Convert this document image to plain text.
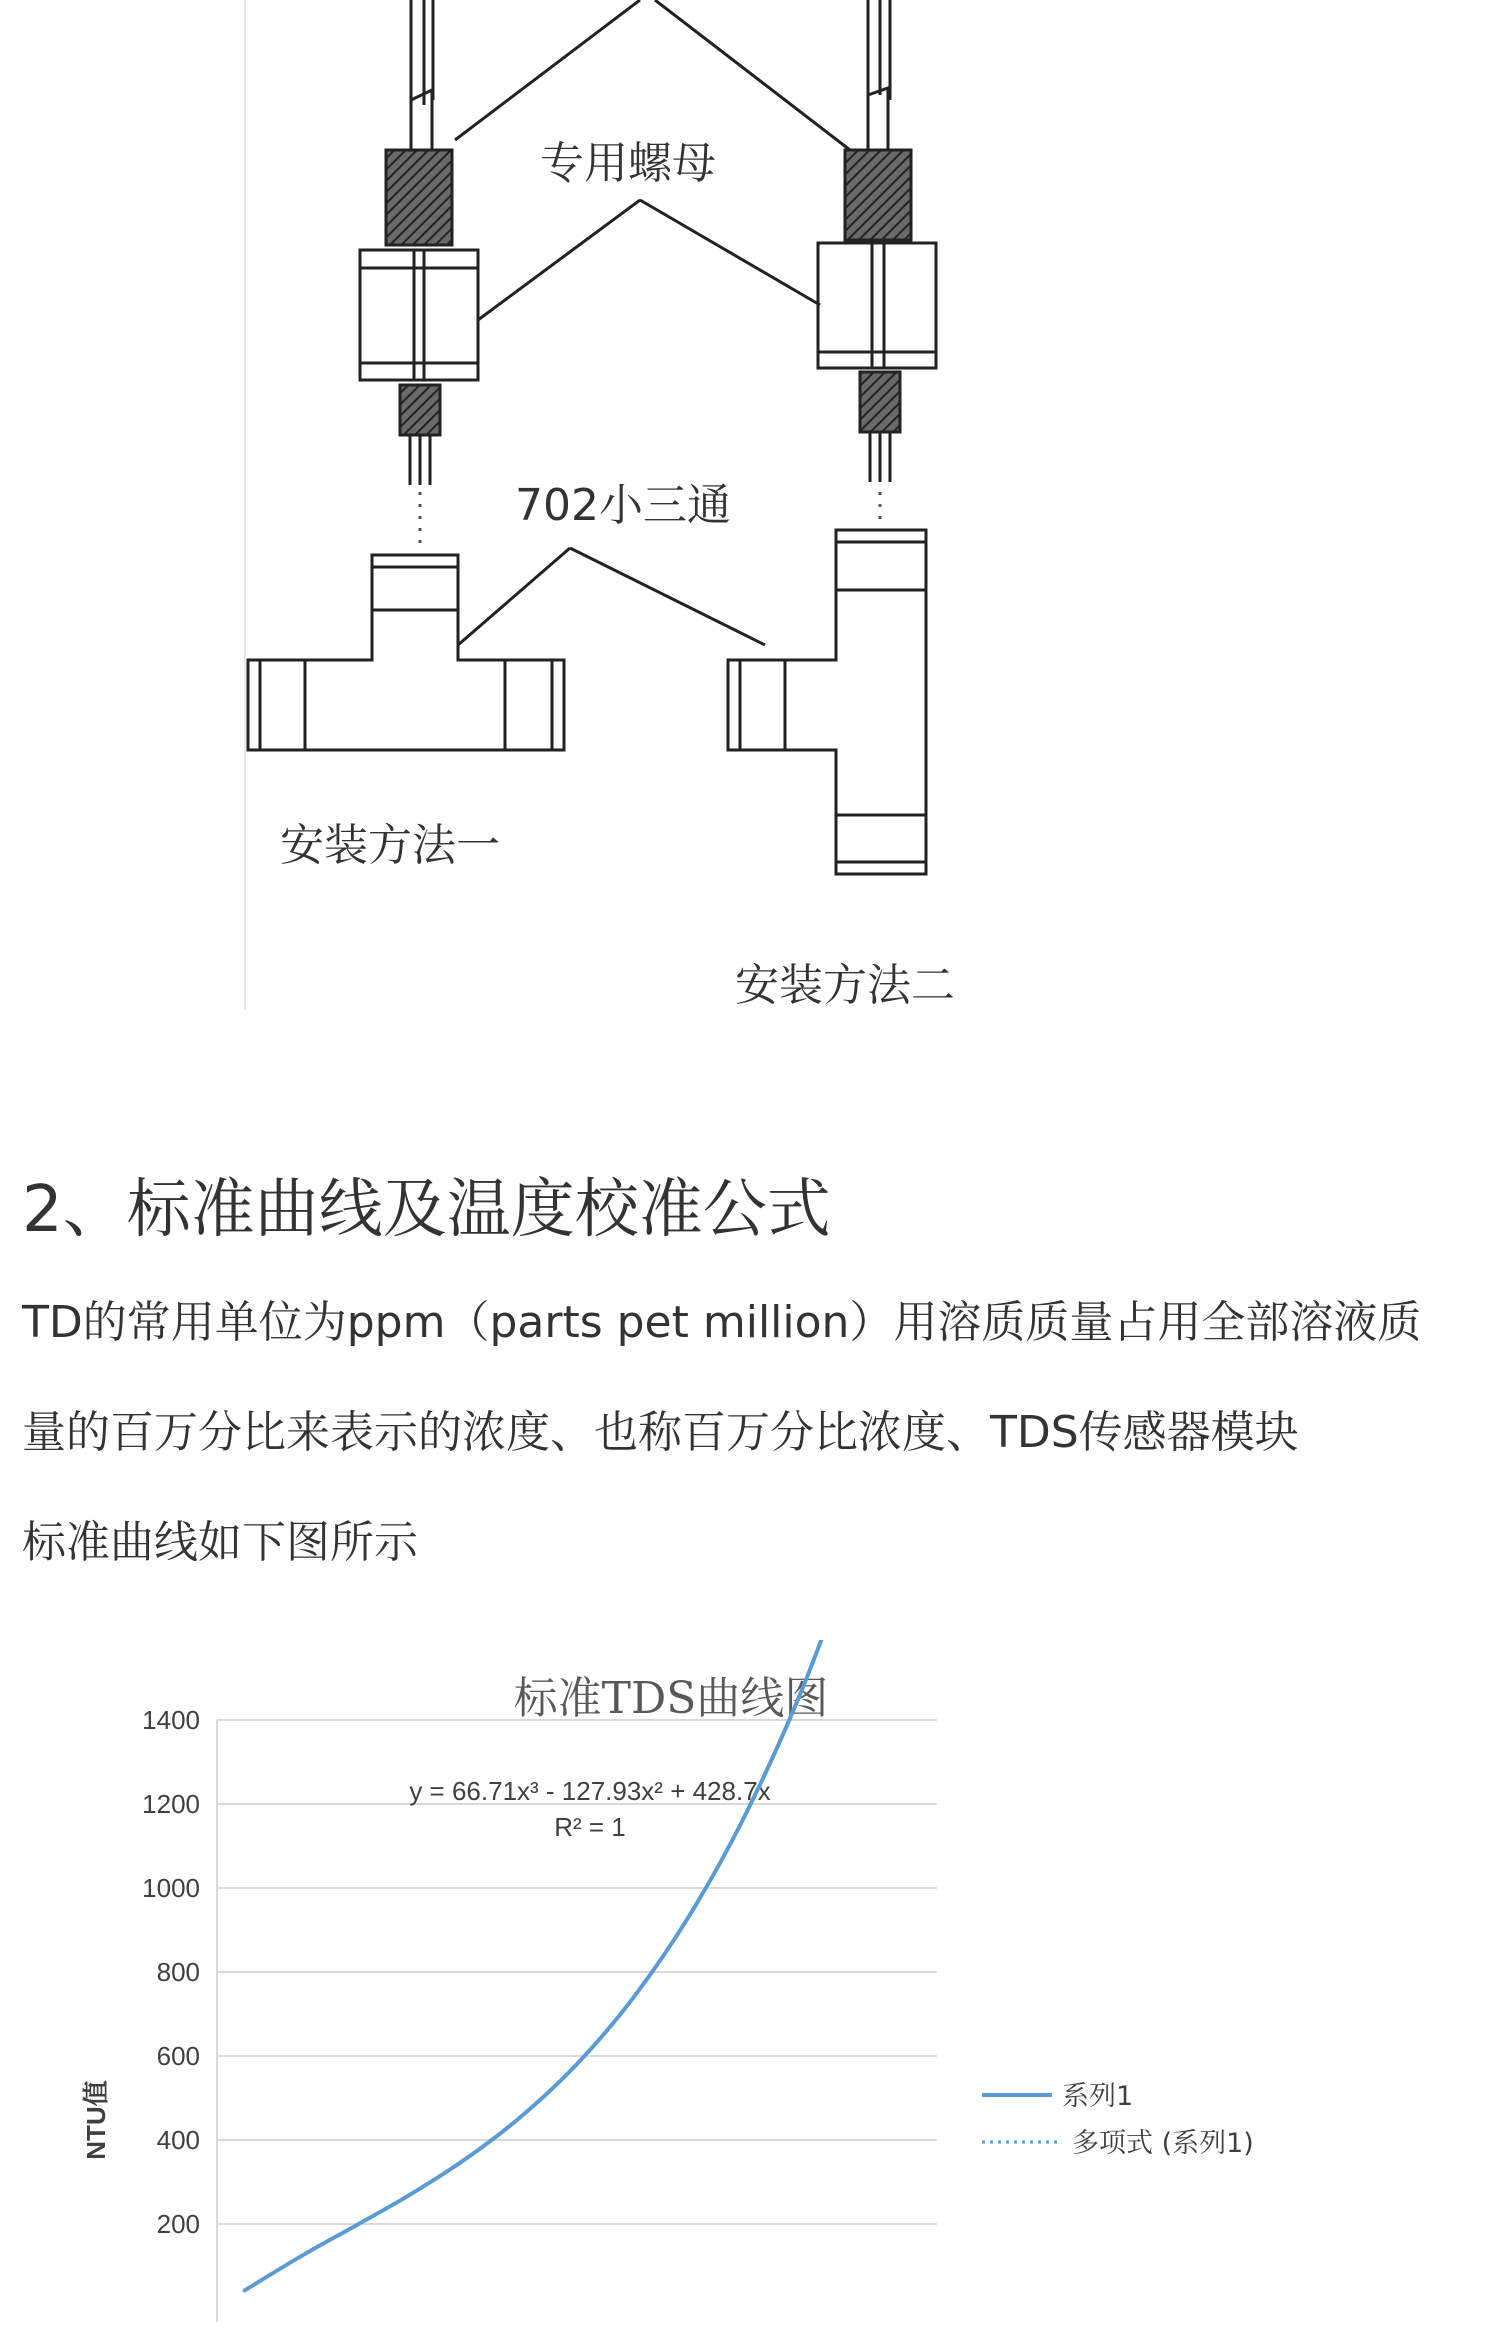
专用螺母
702小三通
安装方法一
安装方法二
2、标准曲线及温度校准公式

TD的常用单位为ppm（parts pet million）用溶质质量占用全部溶液质

量的百万分比来表示的浓度、也称百万分比浓度、TDS传感器模块

标准曲线如下图所示

标准TDS曲线图
1400
1200
1000
800
600
400
200
NTU值
y = 66.71x³ - 127.93x² + 428.7x
R² = 1
系列1
多项式 (系列1)
